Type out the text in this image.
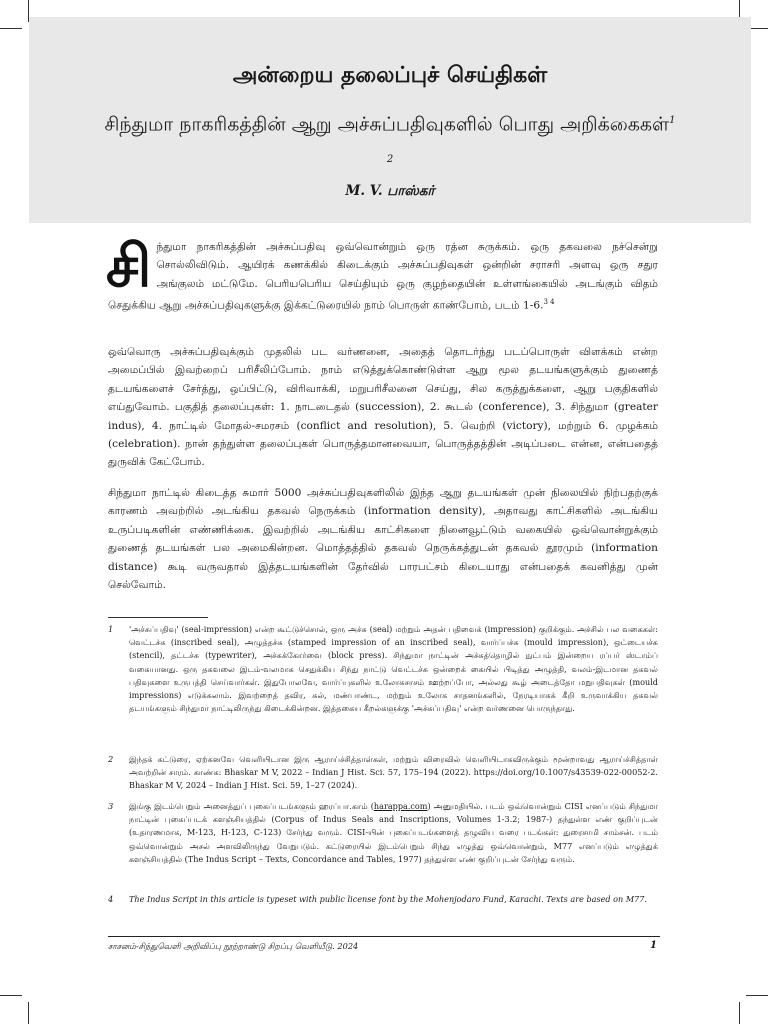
அன்றைய தலைப்புச் செய்திகள்

சிந்துமா நாகரிகத்தின் ஆறு அச்சுப்பதிவுகளில் பொது அறிக்கைகள்$^{1 2}$

M. V. பாஸ்கர்

சிந்துமா நாகரிகத்தின் அச்சுப்பதிவு ஒவ்வொன்றும் ஒரு ரத்ன சுருக்கம். ஒரு தகவலை நச்சென்று சொல்லிவிடும். ஆயிரக் கணக்கில் கிடைக்கும் அச்சுப்பதிவுகள் ஒன்றின் சராசரி அளவு ஒரு சதுர அங்குலம் மட்டுமே. பெரியபெரிய செய்தியும் ஒரு குழந்தையின் உள்ளங்கையில் அடங்கும் விதம் செதுக்கிய ஆறு அச்சுப்பதிவுகளுக்கு இக்கட்டுரையில் நாம் பொருள் காண்போம், படம் 1-6.$^{3 4}$

ஒவ்வொரு அச்சுப்பதிவுக்கும் முதலில் பட வர்ணனை, அதைத் தொடர்ந்து படப்பொருள் விளக்கம் என்ற அமைப்பில் இவற்றைப் பரிசீலிப்போம். நாம் எடுத்துக்கொண்டுள்ள ஆறு மூல தடயங்களுக்கும் துணைத் தடயங்களைச் சேர்த்து, ஒப்பிட்டு, விரிவாக்கி, மறுபரிசீலனை செய்து, சில கருத்துக்களை, ஆறு பகுதிகளில் எய்துவோம். பகுதித் தலைப்புகள்: 1. நாடடைதல் (succession), 2. கூடல் (conference), 3. சிந்துமா (greater indus), 4. நாட்டில் மோதல்-சமரசம் (conflict and resolution), 5. வெற்றி (victory), மற்றும் 6. முழக்கம் (celebration). நான் தந்துள்ள தலைப்புகள் பொருத்தமானவையா, பொருத்தத்தின் அடிப்படை என்ன, என்பதைத் துருவிக் கேட்போம்.

சிந்துமா நாட்டில் கிடைத்த சுமார் 5000 அச்சுப்பதிவுகளிலில் இந்த ஆறு தடயங்கள் முன் நிலையில் நிற்பதற்குக் காரணம் அவற்றில் அடங்கிய தகவல் நெருக்கம் (information density), அதாவது காட்சிகளில் அடங்கிய உருப்படிகளின் எண்ணிக்கை. இவற்றில் அடங்கிய காட்சிகளை நினைவூட்டும் வகையில் ஒவ்வொன்றுக்கும் துணைத் தடயங்கள் பல அமைகின்றன. மொத்தத்தில் தகவல் நெருக்கத்துடன் தகவல் தூரமும் (information distance) கூடி வருவதால் இத்தடயங்களின் தேர்வில் பாரபட்சம் கிடையாது என்பதைக் கவனித்து முன் செல்வோம்.

1 'அச்சுப்பதிவு' (seal-impression) என்ற கூட்டுச்சொல், ஒரு அச்சு (seal) மற்றும் அதன் பதிவைக் (impression) குறிக்கும். அச்சில் பல வகைகள்: வெட்டச்சு (inscribed seal), அழுத்தச்சு (stamped impression of an inscribed seal), வார்ப்பச்சு (mould impression), ஒட்டையச்சு (stencil), தட்டச்சு (typewriter), அச்சுக்கோர்வை (block press). சிந்துமா நாட்டின் அச்சுத்தொழில் நுட்பம் இன்றைய ரப்பர் ஸ்டாம்ப் வகையானது. ஒரு தகவலை இடம்-வலமாக செதுக்கிய சிந்து நாட்டு வெட்டச்சு ஒன்றைக் கையில் பிடித்து அழுத்தி, வலம்-இடமான தகவல் பதிவுகளை உருபத்தி செய்வார்கள். இதுபோலவே, வார்ப்புகளில் உலோகசாசம் ஊற்றப்போ, அல்லது கூழ் அடைத்தோ மறுபதிவுகள் (mould impressions) எடுக்கலாம். இவற்றைத் தவிர, கல், மண்பாண்ட, மற்றும் உலோக சாதனங்களில், நேரடியாகக் கீறி உருவாக்கிய தகவல் தடயங்களும் சிந்துமா நாட்டிலிருந்து கிடைக்கின்றன. இத்தகைய கீறல்களுக்கு 'அச்சுப்பதிவு' என்ற வர்ணனை பொருந்தாது.
2 இந்தக் கட்டுரை, ஏற்கனவே வெளியிடான இரு ஆராய்ச்சித்தாள்கள், மற்றும் விரைவில் வெளியிடாகவிருக்கும் மூன்றாவது ஆராய்ச்சித்தாள் அவற்றின் சாரம். காண்க: Bhaskar M V, 2022 – Indian J Hist. Sci. 57, 175–194 (2022). https://doi.org/10.1007/s43539-022-00052-2. Bhaskar M V, 2024 – Indian J Hist. Sci. 59, 1–27 (2024).
3 இங்கு இடம்பெறும் அனைத்துப் புகைப்படங்களும் ஹரப்பா.காம் (harappa.com) அனுமதியில். படம் ஒவ்வொன்றும் CISI எனப்படும் சிந்துமா நாட்டின் புகைப்படக் களஞ்சியத்தில் (Corpus of Indus Seals and Inscriptions, Volumes 1-3.2; 1987-) தந்துள்ள எண் குறிப்புடன் (உதாரணமாக, M-123, H-123, C-123) சேர்ந்து வரும். CISI-யின் புகைப்படங்களைத் தழுவிய வரை படங்கள்: துரைசாமி சாம்சன். படம் ஒவ்வொன்றும் அசல் அளவிலிருந்து வேறுபடும். கட்டுரையில் இடம்பெறும் சிந்து எழுத்து ஒவ்வொன்றும், M77 எனப்படும் எழுத்துக் களஞ்சியத்தில் (The Indus Script – Texts, Concordance and Tables, 1977) தந்துள்ள எண் குறிப்புடன் சேர்ந்து வரும்.
4 The Indus Script in this article is typeset with public license font by the Mohenjodaro Fund, Karachi. Texts are based on M77.
சாசனம்-சிந்துவெளி அறிவிப்பு நூற்றாண்டு சிறப்பு வெளியீடு. 2024	1
